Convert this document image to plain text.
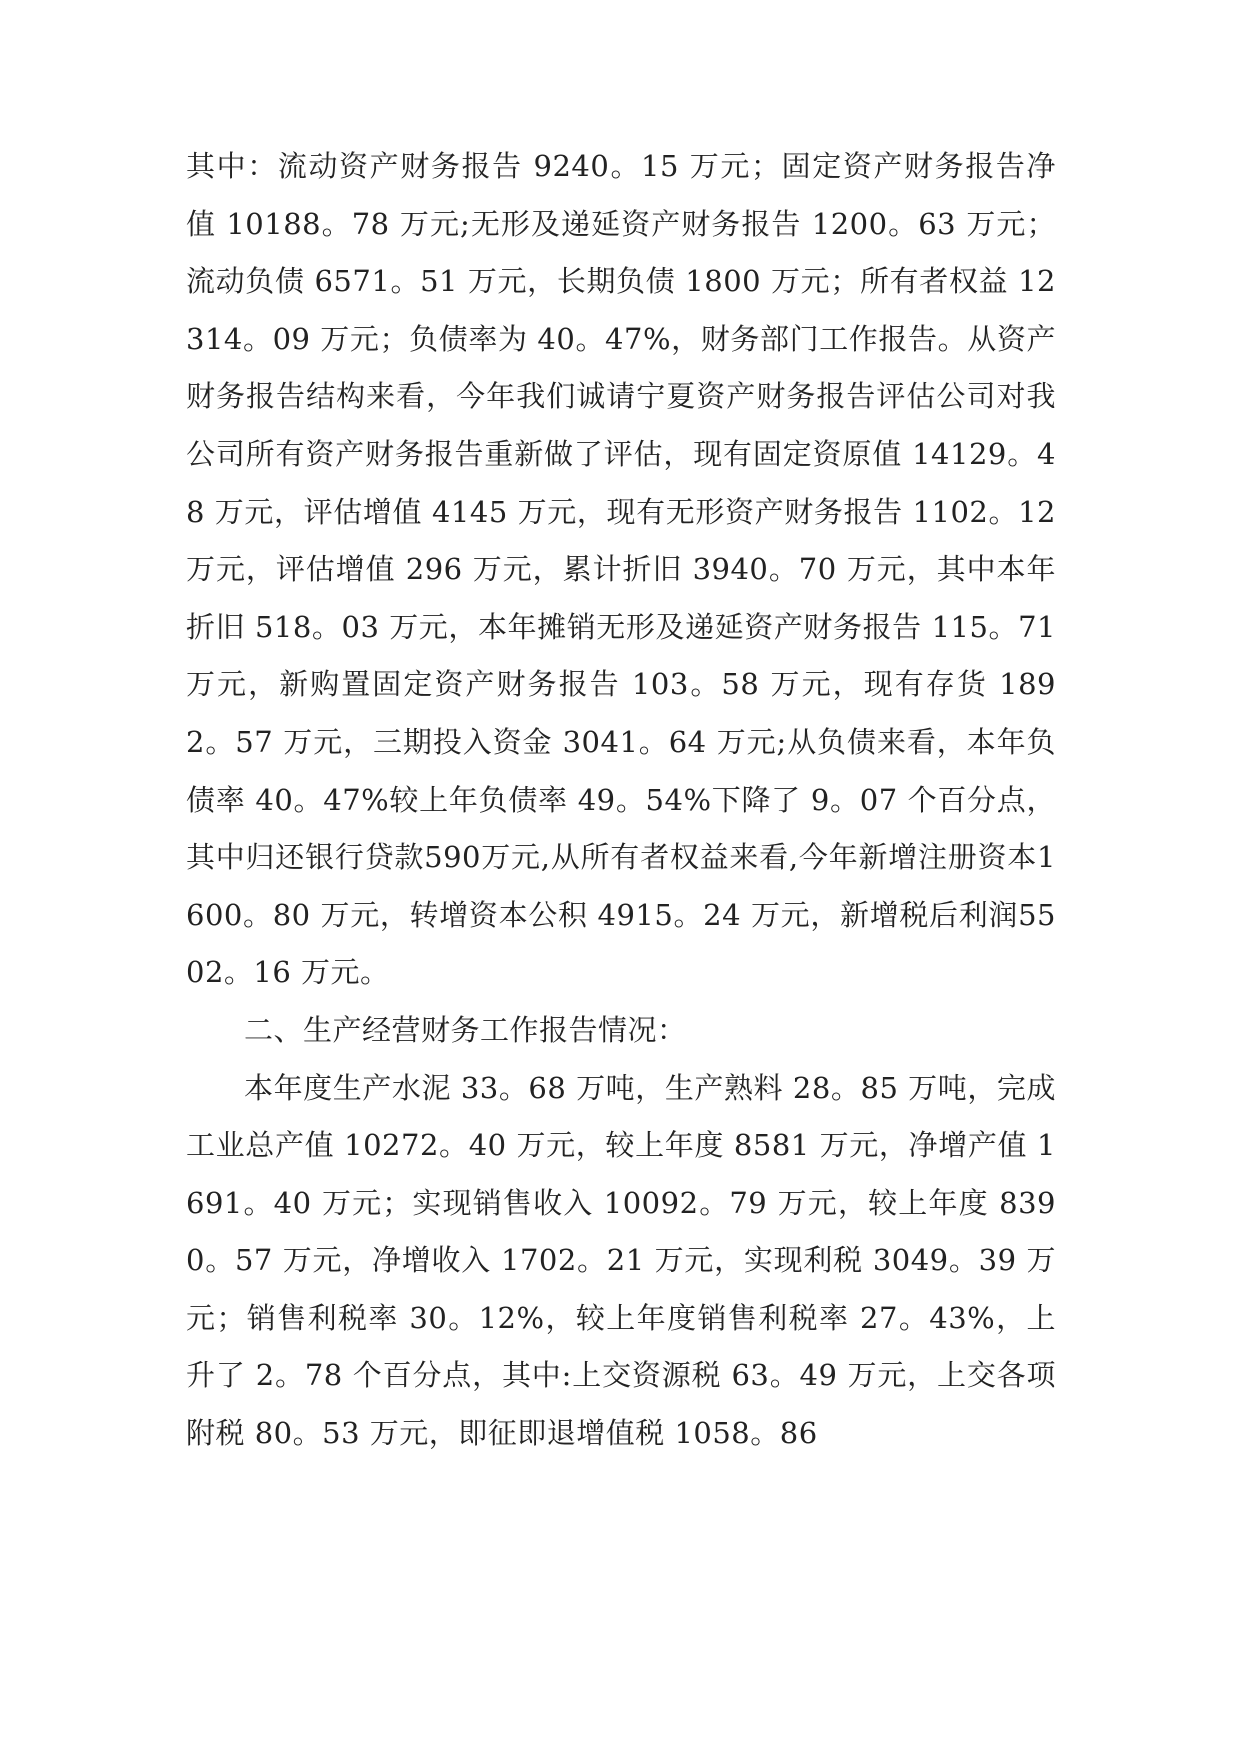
其中：流动资产财务报告 9240。15 万元；固定资产财务报告净值 10188。78 万元;无形及递延资产财务报告 1200。63 万元；流动负债 6571。51 万元，长期负债 1800 万元；所有者权益 12314。09 万元；负债率为 40。47%，财务部门工作报告。从资产财务报告结构来看，今年我们诚请宁夏资产财务报告评估公司对我公司所有资产财务报告重新做了评估，现有固定资原值 14129。48 万元，评估增值 4145 万元，现有无形资产财务报告 1102。12 万元，评估增值 296 万元，累计折旧 3940。70 万元，其中本年折旧 518。03 万元，本年摊销无形及递延资产财务报告 115。71 万元，新购置固定资产财务报告 103。58 万元，现有存货 1892。57 万元，三期投入资金 3041。64 万元;从负债来看，本年负债率 40。47%较上年负债率 49。54%下降了 9。07 个百分点，其中归还银行贷款590万元,从所有者权益来看,今年新增注册资本1600。80 万元，转增资本公积 4915。24 万元，新增税后利润5502。16 万元。

二、生产经营财务工作报告情况：

本年度生产水泥 33。68 万吨，生产熟料 28。85 万吨，完成工业总产值 10272。40 万元，较上年度 8581 万元，净增产值 1691。40 万元；实现销售收入 10092。79 万元，较上年度 8390。57 万元，净增收入 1702。21 万元，实现利税 3049。39 万元；销售利税率 30。12%，较上年度销售利税率 27。43%，上升了 2。78 个百分点，其中:上交资源税 63。49 万元，上交各项附税 80。53 万元，即征即退增值税 1058。86
